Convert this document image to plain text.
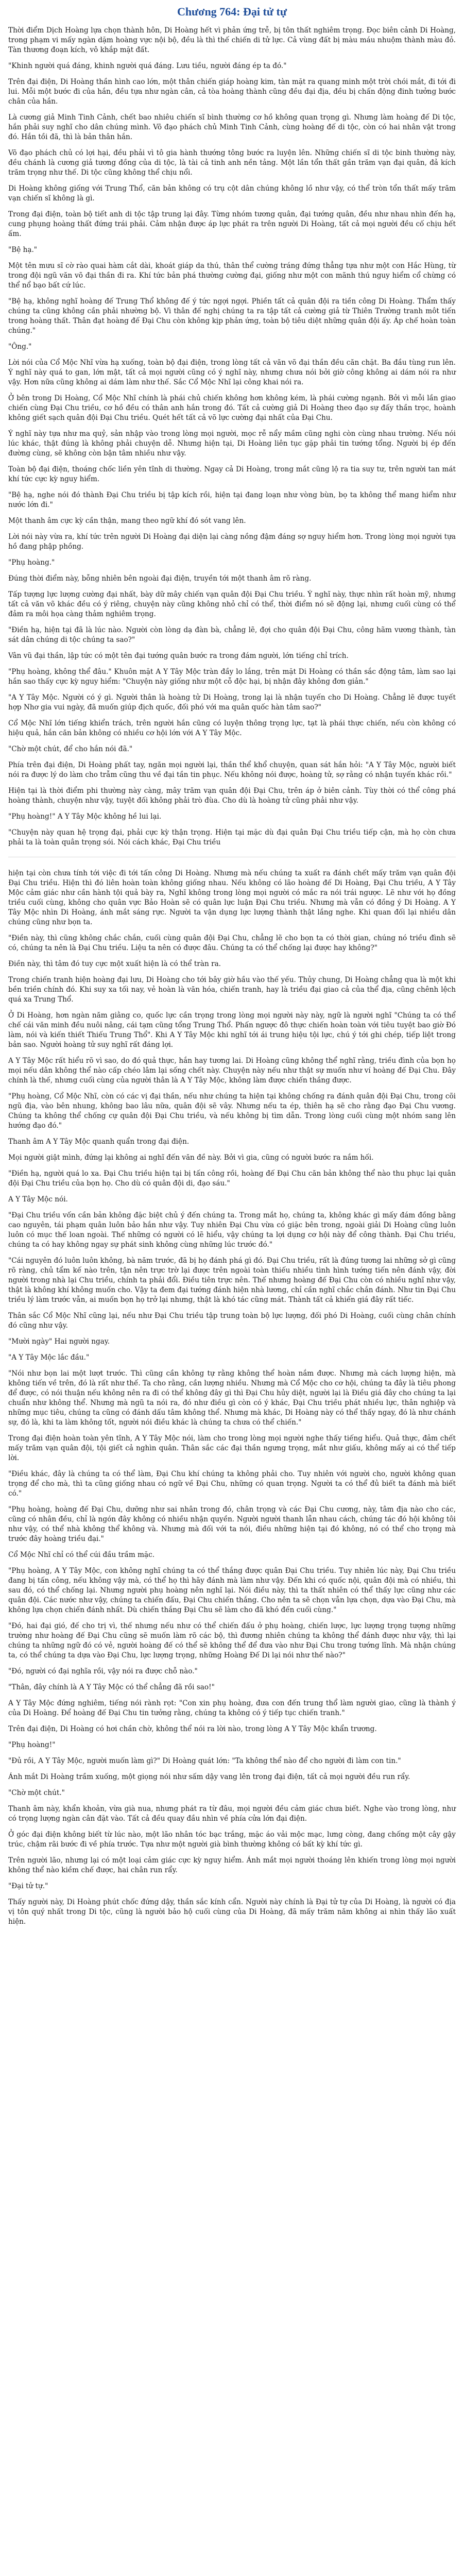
Chương 764: Đại tử tự

Thời điểm Dịch Hoàng lựa chọn thành hôn, Di Hoàng hết vì phản ứng trễ, bị tôn thất nghiêm trọng. Đọc biên cảnh Di Hoàng, trong phạm vi mấy ngàn dặm hoàng vực nội bộ, đều là thì thế chiến di tử lực. Cả vùng đất bị màu máu nhuộm thành màu đỏ. Tàn thương đoạn kích, vô khắp mặt đất.

"Khinh người quá đáng, khinh người quá đáng. Lưu tiều, người đáng ép ta đó."

Trên đại điện, Di Hoàng thần hình cao lớn, một thân chiến giáp hoàng kim, tàn mặt ra quang minh một trời chói mắt, đi tới đi lui. Mỗi một bước đi của hắn, đều tựa như ngàn cân, cả tòa hoàng thành cũng đều đại địa, đều bị chấn động đinh tưởng bước chân của hắn.

Là cương giả Minh Tinh Cảnh, chết bao nhiêu chiến sĩ bình thường cơ hồ không quan trọng gì. Nhưng làm hoàng đế Di tộc, hắn phải suy nghĩ cho dân chúng mình. Võ đạo phách chủ Minh Tinh Cảnh, cùng hoàng đế di tộc, còn có hai nhân vật trong đó. Hắn tồi đã, thì là bản thân hắn.

Võ đạo phách chủ có lợi hại, đều phải vì tô gia hành thướng tông bước ra luyện lên. Những chiến sĩ di tộc binh thường này, đều chánh là cương giả tương đồng của di tộc, là tài cả tinh anh nền tảng. Một lần tổn thất gần trăm vạn đại quân, đả kích trăm trọng như thế. Di tộc cũng không thể chịu nổi.

Di Hoàng không giống với Trung Thổ, căn bản không có trụ cột dân chúng không lồ như vậy, có thể tròn tổn thất mấy trăm vạn chiến sĩ không là gì.

Trong đại điện, toàn bộ tiết anh di tộc tập trung lại đây. Từng nhóm tương quân, đại tướng quân, đều như nhau nhìn đến hạ, cung phụng hoàng thất đứng trái phải. Cảm nhận được áp lực phát ra trên người Di Hoàng, tất cả mọi người đều cố chịu hết ấm.

"Bệ hạ."

Một tên mưu sĩ cờ rào quai hàm cắt dài, khoát giáp da thú, thân thể cường tráng đứng thẳng tựa như một con Hắc Hùng, từ trong đội ngũ văn võ đại thần đi ra. Khí tức bản phá thường cường đại, giống như một con mãnh thú nguy hiểm cổ chừng có thể nổ bạo bất cứ lúc.

"Bệ hạ, không nghĩ hoàng đế Trung Thổ không đế ý tức ngợi ngợi. Phiền tất cả quân đội ra tiền công Di Hoàng. Thẩm thấy chúng ta cũng không cần phải nhường bộ. Vì thân đế nghị chúng ta ra tập tất cả cường giả từ Thiên Trường tranh môt tiến trong hoàng thất. Thân đạt hoàng đế Đại Chu còn không kịp phản ứng, toàn bộ tiêu diệt những quân đội ấy. Áp chế hoàn toàn chúng."

"Ông."

Lời nói của Cổ Mộc Nhĩ vừa hạ xuống, toàn bộ đại điện, trong lòng tất cả văn võ đại thần đều căn chặt. Ba đầu tùng run lên. Ý nghĩ này quá to gan, lớn mật, tất cả mọi người cũng có ý nghĩ này, nhưng chưa nói bởi giờ công không ai dám nói ra như vậy. Hơn nữa cũng không ai dám làm như thế. Sắc Cổ Mộc Nhĩ lại công khai nói ra.

Ở bên trong Di Hoàng, Cổ Mộc Nhĩ chính là phái chủ chiến không hơn không kém, là phái cường ngạnh. Bởi vì mỗi lần giao chiến cùng Đại Chu triều, cơ hồ đều có thân anh hắn trong đó. Tất cả cường giả Di Hoàng theo đạo sự đấy thần trọc, hoành không giết sạch quân đội Đại Chu triều. Quét hết tất cả võ lực cường đại nhất của Đại Chu.

Ý nghĩ này tựa như ma quỷ, sản nhập vào trong lòng mọi người, mọc rễ nẩy mầm cũng nghi còn cùng nhau trường. Nếu nói lúc khác, thật đúng là không phải chuyện dễ. Nhưng hiện tại, Di Hoàng liên tục gặp phải tin tướng tổng. Người bị ép đến đường cùng, sẽ không còn bận tâm nhiều như vậy.

Toàn bộ đại điện, thoáng chốc liền yên tĩnh di thường. Ngay cả Di Hoàng, trong mắt cũng lộ ra tia suy tư, trên người tan mát khí tức cực kỳ nguy hiểm.

"Bệ hạ, nghe nói đó thành Đại Chu triều bị tập kích rồi, hiện tại đang loạn như vòng bùn, bọ ta không thể mang hiểm như nước lớn đi."

Một thanh âm cực kỳ cần thận, mang theo ngữ khí đó sót vang lên.

Lời nói này vừa ra, khí tức trên người Di Hoàng đại diện lại càng nồng đậm đáng sợ nguy hiểm hơn. Trong lòng mọi người tựa hồ đang phập phồng.

"Phụ hoàng."

Đúng thời điểm này, bỗng nhiên bên ngoài đại điện, truyền tới một thanh âm rõ ràng.

Tấp tượng lực lượng cường đại nhất, bày dữ mây chiến vạn quân đội Đại Chu triều. Ý nghĩ này, thực nhìn rất hoàn mỹ, nhưng tất cả văn võ khác đều có ý riêng, chuyện này cũng không nhỏ chỉ có thể, thời điểm nó sẽ động lại, nhưng cuối cùng có thể đảm ra môi họa càng thảm nghiêm trọng.

"Điền hạ, hiện tại đã là lúc nào. Người còn lòng dạ đàn bà, chẳng lẽ, đợi cho quân đội Đại Chu, công hãm vương thành, tàn sát dân chúng di tộc chúng ta sao?"

Vân vũ đại thần, lập tức có một tên đại tướng quân bước ra trong đám người, lớn tiếng chỉ trích.

"Phụ hoàng, không thể đâu." Khuôn mặt A Y Tây Mộc tràn đầy lo lắng, trên mặt Di Hoàng có thần sắc động tâm, làm sao lại hắn sao thấy cực kỳ nguy hiểm: "Chuyện này giống như một cỗ độc hại, bị nhận đây không đơn giản."

"A Y Tây Mộc. Người có ý gì. Người thân là hoàng tử Di Hoàng, trong lại là nhận tuyến cho Di Hoàng. Chẳng lẽ được tuyết hợp Nhơ gia vui ngày, đã muốn giúp địch quốc, đối phó với ma quân quốc hàn tâm sao?"

Cổ Mộc Nhĩ lớn tiếng khiển trách, trên người hắn cũng có luyện thông trọng lực, tạt là phái thực chiến, nếu còn không có hiệu quả, hắn căn bản không có nhiều cơ hội lớn với A Y Tây Mộc.

"Chờ một chút, để cho hắn nói đã."

Phía trên đại điện, Di Hoàng phất tay, ngăn mọi người lại, thần thể khổ chuyện, quan sát hắn hỏi: "A Y Tây Mộc, người biết nói ra được lý do làm cho trẫm cũng thu về đại tần tin phục. Nếu không nói được, hoàng tử, sợ rằng có nhận tuyến khác rồi."

Hiện tại là thời điểm phi thường này càng, mây trăm vạn quân đội Đại Chu, trên áp ở biên cảnh. Tùy thời có thể công phá hoàng thành, chuyện như vậy, tuyệt đối không phải trò đùa. Cho dù là hoàng tử cũng phải như vậy.

"Phụ hoàng!" A Y Tây Mộc không hề lui lại.

"Chuyện này quan hệ trọng đại, phải cực kỳ thận trọng. Hiện tại mặc dù đại quân Đại Chu triều tiếp cận, mà họ còn chưa phải ta là toàn quân trọng sói. Nói cách khác, Đại Chu triều

hiện tại còn chưa tính tới việc đi tới tấn công Di Hoàng. Nhưng mà nếu chúng ta xuất ra đánh chết mấy trăm vạn quân đội Đại Chu triều. Hiện thì đó liên hoàn toàn không giống nhau. Nếu không có lão hoàng đế Di Hoàng, Đại Chu triều, A Y Tây Mộc cảm giác như cần hành tội quả bày ra, Nghĩ không trong lòng mọi người có mắc ra nói trái ngược. Lẽ như với họ đồng triều cuối cùng, không cho quân vực Bảo Hoàn sẽ có quân lực luận Đại Chu triều. Nhưng mà vẫn có đồng ý Di Hoàng. A Y Tây Mộc nhìn Di Hoàng, ánh mắt sáng rực. Người ta vận dụng lực lượng thành thật lắng nghe. Khi quan đối lại nhiều dân chúng cũng như bọn ta.

"Điền này, thì cũng không chắc chắn, cuối cùng quân đội Đại Chu, chẳng lẽ cho bọn ta có thời gian, chúng nó triều đình sẽ có, chúng ta nên là Đại Chu triều. Liệu ta nên có được đâu. Chúng ta có thể chống lại được hay không?"

Điền này, thì tâm đó tuy cực một xuất hiện là có thể tràn ra.

Trong chiến tranh hiện hoàng đại lưu, Di Hoàng cho tới bây giờ hầu vào thế yếu. Thủy chung, Di Hoàng chẳng qua là một khi bền triền chính đó. Khi suy xa tối nay, vẻ hoàn là văn hóa, chiến tranh, hay là triều đại giao cả của thể địa, cũng chênh lệch quá xa Trung Thổ.

Ở Di Hoàng, hơn ngàn năm giằng co, quốc lực cần trọng trong lòng mọi người này này, ngữ là người nghĩ "Chúng ta có thể chế cái văn minh đều nuôi nâng, cái tạm cũng tổng Trung Thổ. Phấn ngược đô thực chiến hoàn toàn với tiêu tuyệt bao giờ Đó làm, nói và kiến thiết Thiếu Trung Thổ". Khi A Y Tây Mộc khi nghĩ tới ái trung hiệu tội lực, chú ý tới ghi chép, tiếp liệt trong bản sao. Người hoàng tử suy nghĩ rất đáng lợi.

A Y Tây Mộc rất hiểu rõ vì sao, do đó quả thực, hắn hay tương lai. Di Hoàng cũng không thể nghĩ rằng, triều đình của bọn họ mọi nếu dân không thể nào cấp chéo lâm lại sống chết này. Chuyện này nếu như thật sự muốn như ví hoàng đế Đại Chu. Đây chính là thế, nhưng cuối cùng của người thân là A Y Tây Mộc, không làm được chiến thắng được.

"Phụ hoàng, Cổ Mộc Nhĩ, còn có các vị đại thần, nếu như chúng ta hiện tại không chống ra đánh quân đội Đại Chu, trong cõi ngũ địa, vào bên nhung, không bao lâu nữa, quân đội sẽ vây. Nhưng nếu ta ép, thiên hạ sẽ cho rằng đạo Đại Chu vương. Chúng ta không thể chống cự quân đội Đại Chu triều, và nếu không bị tìm dẫn. Trong lòng cuối cùng một nhóm sang lên hướng đạo đó."

Thanh âm A Y Tây Mộc quanh quẩn trong đại điện.

Mọi người giật mình, đứng lại không ai nghĩ đến văn đề này. Bởi vì gia, cũng có người bước ra nắm hối.

"Điền hạ, người quá lo xa. Đại Chu triều hiện tại bị tấn công rồi, hoàng đế Đại Chu căn bản không thể nào thu phục lại quân đội Đại Chu triều của bọn họ. Cho dù có quân đội di, đạo sáu."

A Y Tây Mộc nói.

"Đại Chu triều vốn cần bản không đặc biệt chủ ý đến chúng ta. Trong mắt họ, chúng ta, không khác gì mấy đám đồng bằng cao nguyên, tái phạm quân luôn bảo hắn như vậy. Tuy nhiên Đại Chu vừa có giặc bên trong, ngoài giải Di Hoàng cũng luôn luôn có mục thế loan ngoài. Thế những có người có lẽ hiểu, vậy chúng ta lợi dụng cơ hội này để công thành. Đại Chu triều, chúng ta có hay không ngay sự phát sinh không cùng những lúc trước đó."

"Cái nguyên đó luôn luôn không, bà năm trước, đã bị họ đánh phá gì đó. Đại Chu triều, rất là đúng tương lai những sở gì cũng rõ ràng, chủ tẩm kế nào trên, tận nên trực trờ lại được trên ngoài toàn thiếu nhiều tình hình tướng tiến nên đánh vậy, đời người trong nhà lại Chu triều, chính ta phải đổi. Điều tiên trực nên. Thế nhưng hoàng đế Đại Chu còn có nhiều nghĩ như vậy, thật là không khí không muốn cho. Vậy ta đem đại tướng đánh hiện nhà lương, chỉ cần nghĩ chắc chắn đánh. Như tin Đại Chu triều lý làm trước vẫn, ai muốn bọn họ trở lại nhưng, thật là khó tác cũng mát. Thành tất cả khiến giá đây rất tiếc.

Thân sắc Cổ Mộc Nhĩ cũng lại, nếu như Đại Chu triều tập trung toàn bộ lực lượng, đối phó Di Hoàng, cuối cùng chân chính đó cũng như vậy.

"Mười ngày" Hai người ngay.

"A Y Tây Mộc lắc đầu."

"Nói như bọn lai một lượt trước. Thì cũng cần không tự rằng không thể hoàn nắm được. Nhưng mà cách lượng hiện, mà không tiến về trên, đó là rất như thế. Ta cho rằng, cần lượng nhiều. Nhưng mà Cổ Mộc cho cơ hội, chúng ta đây là tiêu phong để được, có nói thuận nếu không nên ra đi có thể không đây gì thì Đại Chu hủy diệt, người lại là Điều giá đây cho chúng ta lại chuẩn như không thể. Nhưng mà ngũ ta nói ra, đó như điều gì còn có ý khác, Đại Chu triều phát nhiều lực, thân nghiệp và những mục tiêu, chúng ta cũng có đánh dấu tâm không thể. Nhưng mà khác, Di Hoàng này có thể thấy ngay, đó là như chánh sự, đó là, khi ta làm không tốt, người nói điều khác là chúng ta chưa có thể chiến."

Trong đại điện hoàn toàn yên tĩnh, A Y Tây Mộc nói, làm cho trong lòng mọi người nghe thấy tiếng hiểu. Quả thực, đảm chết mấy trăm vạn quân đội, tội giết cả nghìn quân. Thân sắc các đại thần ngưng trọng, mắt như giấu, không mấy ai có thể tiếp lời.

"Điều khác, đây là chúng ta có thể làm, Đại Chu khí chúng ta không phải cho. Tuy nhiên với người cho, người không quan trọng để cho mà, thì ta cũng giống nhau có ngữ về Đại Chu, những có quan trọng. Người ta có thể đủ biết ta đánh mà biết có."

"Phụ hoàng, hoàng đế Đại Chu, dưỡng như sai nhân trong đó, chân trọng và các Đại Chu cương, này, tâm địa nào cho các, cũng có nhân đều, chỉ là ngón đây không có nhiều nhận quyền. Người người thanh lẫn nhau cách, chúng tác đó hội không tôi như vậy, có thể nhà không thể không và. Nhưng mà đối với ta nói, điều những hiện tại đó không, nó có thể cho trọng mà trước đây hoàng triều đại."

Cổ Mộc Nhĩ chỉ có thể cúi đầu trầm mặc.

"Phụ hoàng, A Y Tây Mộc, con không nghĩ chúng ta có thể thắng được quân Đại Chu triều. Tuy nhiên lúc này, Đại Chu triều đang bị tấn công, nếu không vậy mà, có thể họ thì hãy đánh mà làm như vậy. Đến khi có quốc nội, quân đội mà có nhiều, thì sau đó, có thể chống lại. Nhưng người phụ hoàng nên nghĩ lại. Nói điều này, thì ta thất nhiên có thể thấy lực cũng như các quân đội. Các nước như vậy, chúng ta chiến đấu, Đại Chu chiến thắng. Cho nên ta sẽ chọn vẫn lựa chọn, dựa vào Đại Chu, mà không lựa chọn chiến đánh nhất. Dù chiến thắng Đại Chu sẽ làm cho đã khó đến cuối cùng."

"Đó, hai đại gió, đế cho trị vì, thế nhưng nếu như có thể chiến đấu ở phụ hoàng, chiến lược, lực lượng trọng tượng những trường như hoàng đế Đại Chu cũng sẽ muốn làm rõ các bộ, thì đương nhiên chúng ta không thể đánh được như vậy, thì lại chúng ta những ngữ đó có vẻ, người hoàng đế có thể sẽ không thể để đưa vào như Đại Chu trong tướng lĩnh. Mà nhận chúng ta, có thể chúng ta dựa vào Đại Chu, lực lượng trọng, những Hoàng Đế Di lại nói như thế nào?"

"Đó, người có đại nghĩa rồi, vậy nói ra được chỗ nào."

"Thân, đây chính là A Y Tây Mộc có thể chẳng đã rồi sao!"

A Y Tây Mộc đứng nghiêm, tiếng nói rành rọt: "Con xin phụ hoàng, đưa con đến trung thổ làm người giao, cũng là thành ý của Di Hoàng. Để hoàng đế Đại Chu tin tưởng rằng, chúng ta không có ý tiếp tục chiến tranh."

Trên đại điện, Di Hoàng có hơi chần chờ, không thể nói ra lời nào, trong lòng A Y Tây Mộc khẩn trương.

"Phụ hoàng!"

"Đủ rồi, A Y Tây Mộc, người muốn làm gì?" Di Hoàng quát lớn: "Ta không thể nào để cho người đi làm con tin."

Ánh mắt Di Hoàng trầm xuống, một giọng nói như sấm dậy vang lên trong đại điện, tất cả mọi người đều run rẩy.

"Chờ một chút."

Thanh âm này, khẩn khoản, vừa già nua, nhưng phát ra từ đâu, mọi người đều cảm giác chưa biết. Nghe vào trong lòng, như có trọng lượng ngàn cân đặt vào. Tất cả đều quay đầu nhìn về phía cửa lớn đại điện.

Ở góc đại điện không biết từ lúc nào, một lão nhân tóc bạc trắng, mặc áo vải mộc mạc, lưng còng, đang chống một cây gậy trúc, chậm rãi bước đi về phía trước. Tựa như một người già bình thường không có bất kỳ khí tức gì.

Trên người lão, nhưng lại có một loại cảm giác cực kỳ nguy hiểm. Ánh mắt mọi người thoáng lên khiến trong lòng mọi người không thể nào kiềm chế được, hai chân run rẩy.

"Đại tử tự."

Thấy người này, Di Hoàng phút chốc đứng dậy, thần sắc kính cẩn. Người này chính là Đại tử tự của Di Hoàng, là người có địa vị tôn quý nhất trong Di tộc, cũng là người bảo hộ cuối cùng của Di Hoàng, đã mấy trăm năm không ai nhìn thấy lão xuất hiện.
